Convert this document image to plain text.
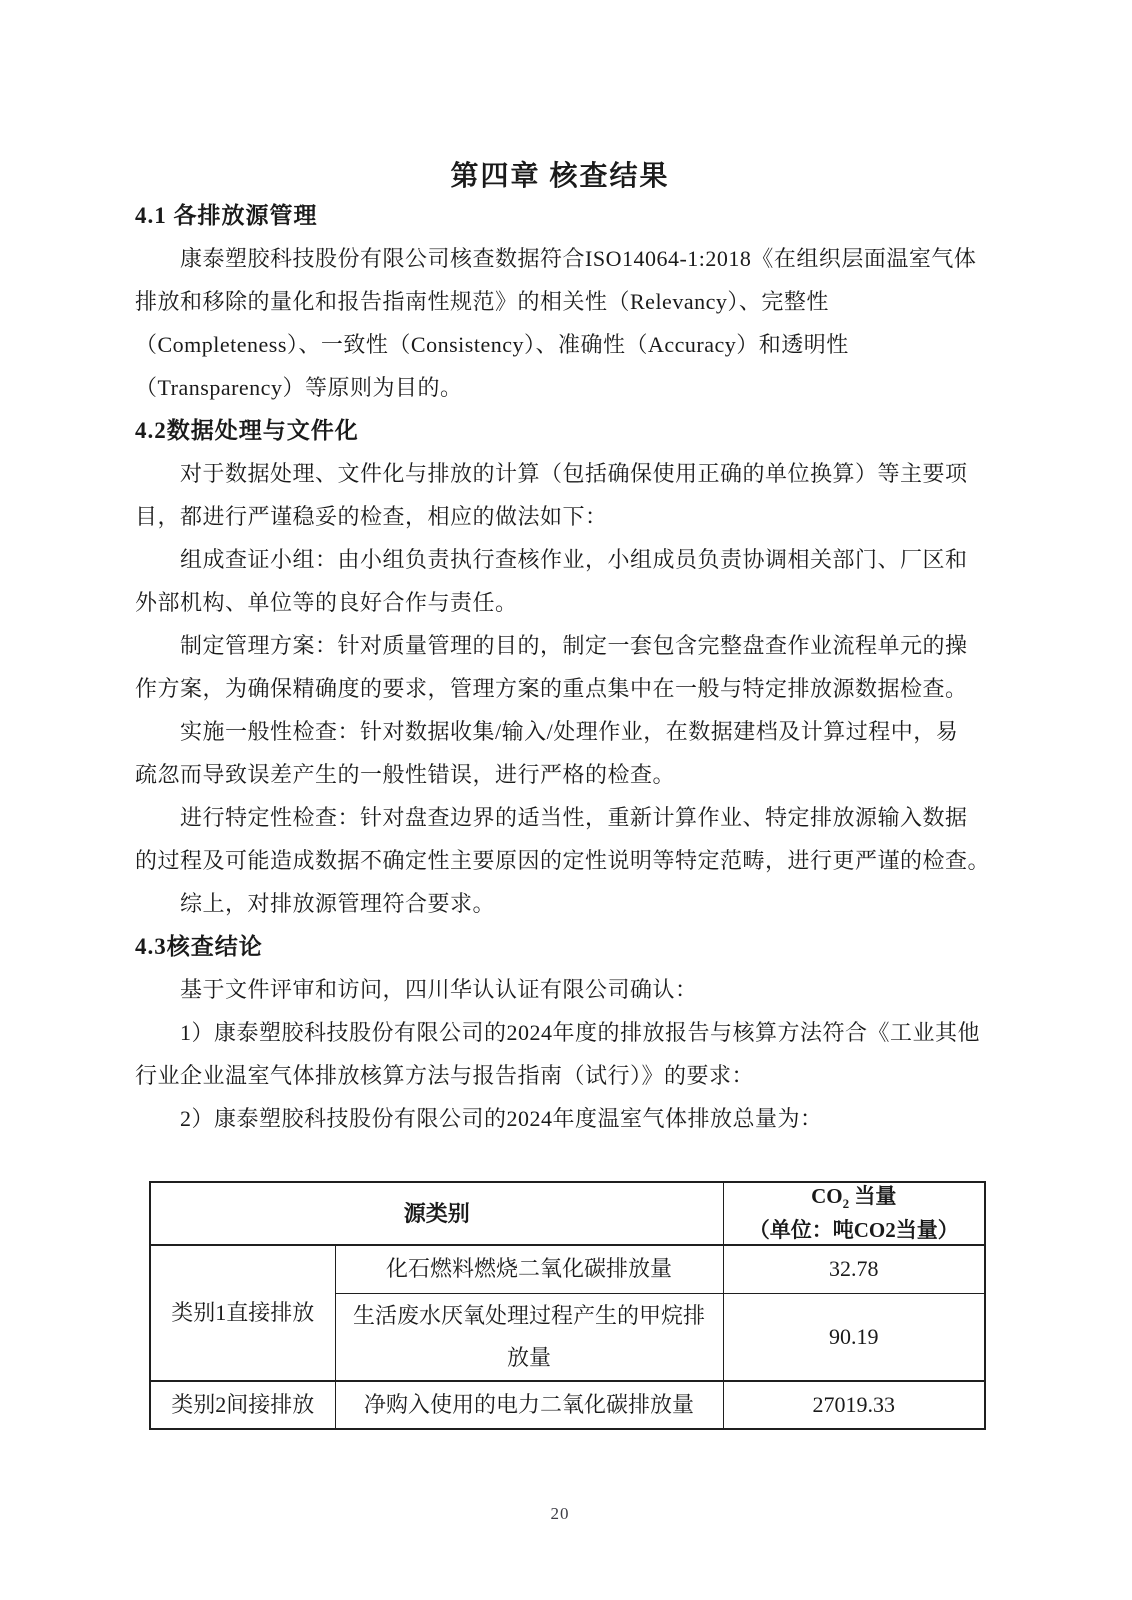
第四章 核查结果
4.1 各排放源管理
康泰塑胶科技股份有限公司核查数据符合ISO14064-1:2018《在组织层面温室气体
排放和移除的量化和报告指南性规范》的相关性（Relevancy）、完整性
（Completeness）、一致性（Consistency）、准确性（Accuracy）和透明性
（Transparency）等原则为目的。
4.2数据处理与文件化
对于数据处理、文件化与排放的计算（包括确保使用正确的单位换算）等主要项
目，都进行严谨稳妥的检查，相应的做法如下：
组成查证小组：由小组负责执行查核作业，小组成员负责协调相关部门、厂区和
外部机构、单位等的良好合作与责任。
制定管理方案：针对质量管理的目的，制定一套包含完整盘查作业流程单元的操
作方案，为确保精确度的要求，管理方案的重点集中在一般与特定排放源数据检查。
实施一般性检查：针对数据收集/输入/处理作业，在数据建档及计算过程中，易
疏忽而导致误差产生的一般性错误，进行严格的检查。
进行特定性检查：针对盘查边界的适当性，重新计算作业、特定排放源输入数据
的过程及可能造成数据不确定性主要原因的定性说明等特定范畴，进行更严谨的检查。
综上，对排放源管理符合要求。
4.3核查结论
基于文件评审和访问，四川华认认证有限公司确认：
1）康泰塑胶科技股份有限公司的2024年度的排放报告与核算方法符合《工业其他
行业企业温室气体排放核算方法与报告指南（试行）》的要求：
2）康泰塑胶科技股份有限公司的2024年度温室气体排放总量为：
源类别		$CO_2$ 当量
（单位：吨CO2当量）

类别1直接排放	化石燃料燃烧二氧化碳排放量	32.78
	生活废水厌氧处理过程产生的甲烷排放量	90.19
类别2间接排放	净购入使用的电力二氧化碳排放量	27019.33
20
